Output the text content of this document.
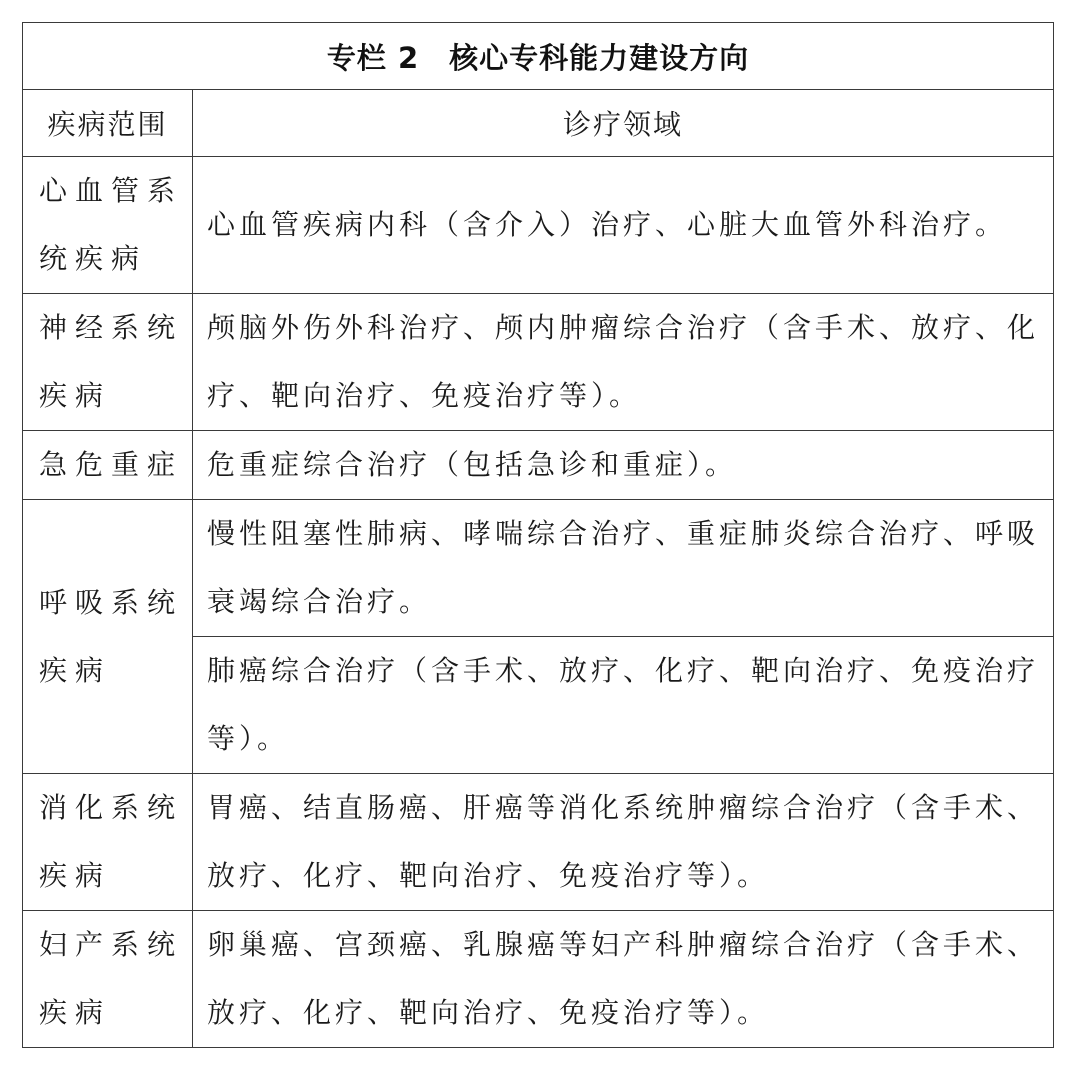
专栏 2　核心专科能力建设方向	
疾病范围	诊疗领域
心血管系统疾病	心血管疾病内科（含介入）治疗、心脏大血管外科治疗。
神经系统疾病	颅脑外伤外科治疗、颅内肿瘤综合治疗（含手术、放疗、化疗、靶向治疗、免疫治疗等）。
急危重症	危重症综合治疗（包括急诊和重症）。
呼吸系统疾病	慢性阻塞性肺病、哮喘综合治疗、重症肺炎综合治疗、呼吸衰竭综合治疗。
	肺癌综合治疗（含手术、放疗、化疗、靶向治疗、免疫治疗等）。
消化系统疾病	胃癌、结直肠癌、肝癌等消化系统肿瘤综合治疗（含手术、放疗、化疗、靶向治疗、免疫治疗等）。
妇产系统疾病	卵巢癌、宫颈癌、乳腺癌等妇产科肿瘤综合治疗（含手术、放疗、化疗、靶向治疗、免疫治疗等）。
